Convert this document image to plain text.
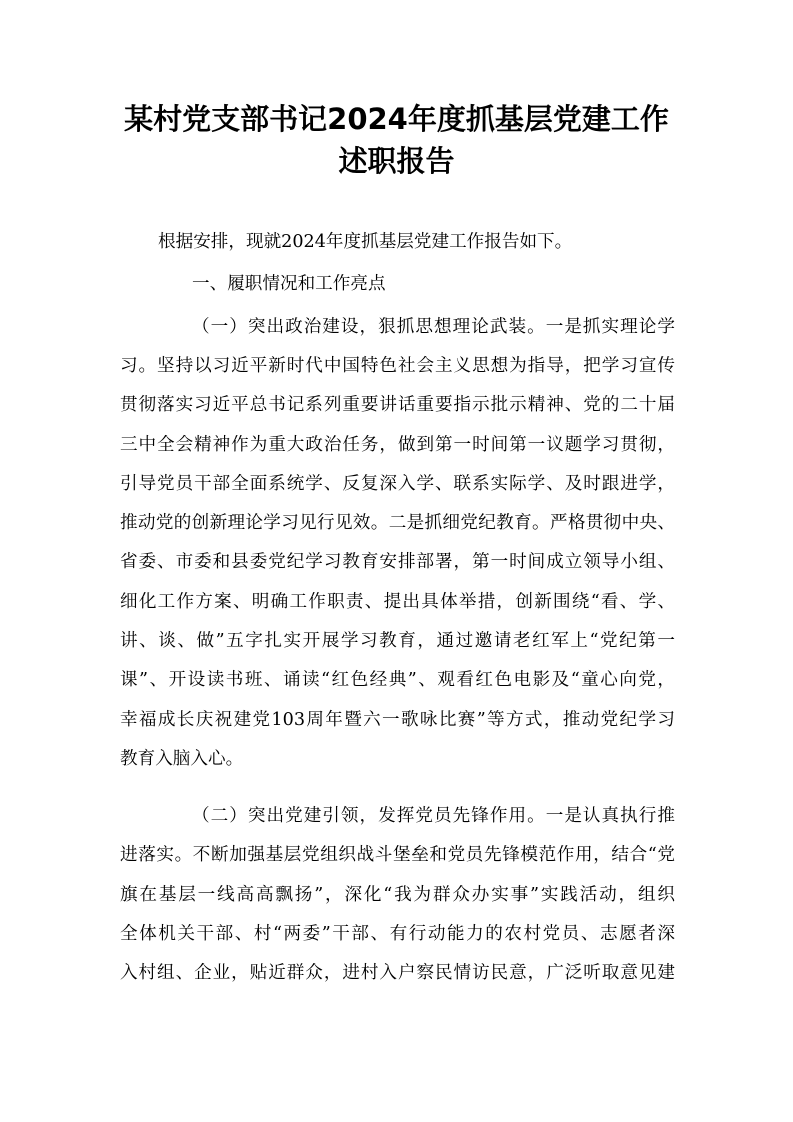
某村党支部书记2024年度抓基层党建工作
述职报告
根据安排，现就2024年度抓基层党建工作报告如下。
一、履职情况和工作亮点
（一）突出政治建设，狠抓思想理论武装。一是抓实理论学
习。坚持以习近平新时代中国特色社会主义思想为指导，把学习宣传
贯彻落实习近平总书记系列重要讲话重要指示批示精神、党的二十届
三中全会精神作为重大政治任务，做到第一时间第一议题学习贯彻，
引导党员干部全面系统学、反复深入学、联系实际学、及时跟进学，
推动党的创新理论学习见行见效。二是抓细党纪教育。严格贯彻中央、
省委、市委和县委党纪学习教育安排部署，第一时间成立领导小组、
细化工作方案、明确工作职责、提出具体举措，创新围绕“看、学、
讲、谈、做”五字扎实开展学习教育，通过邀请老红军上“党纪第一
课”、开设读书班、诵读“红色经典”、观看红色电影及“童心向党，
幸福成长庆祝建党103周年暨六一歌咏比赛”等方式，推动党纪学习
教育入脑入心。
（二）突出党建引领，发挥党员先锋作用。一是认真执行推
进落实。不断加强基层党组织战斗堡垒和党员先锋模范作用，结合“党
旗在基层一线高高飘扬”，深化“我为群众办实事”实践活动，组织
全体机关干部、村“两委”干部、有行动能力的农村党员、志愿者深
入村组、企业，贴近群众，进村入户察民情访民意，广泛听取意见建
